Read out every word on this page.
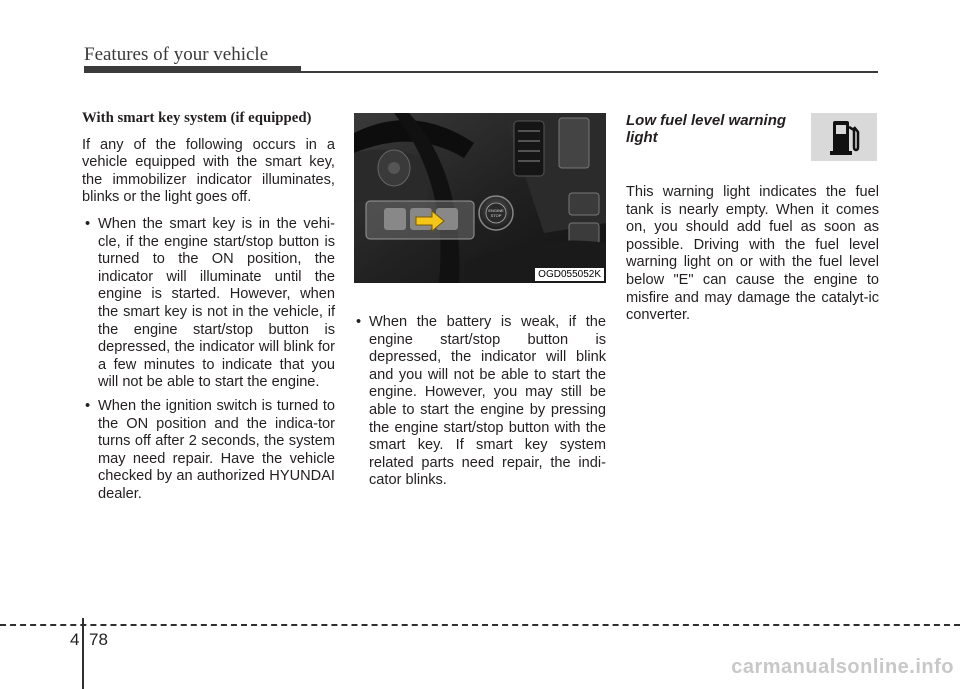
Features of your vehicle

With smart key system (if equipped)

If any of the following occurs in a vehicle equipped with the smart key, the immobilizer indicator illuminates, blinks or the light goes off.

• When the smart key is in the vehi-cle, if the engine start/stop button is turned to the ON position, the indicator will illuminate until the engine is started. However, when the smart key is not in the vehicle, if the engine start/stop button is depressed, the indicator will blink for a few minutes to indicate that you will not be able to start the engine.
• When the ignition switch is turned to the ON position and the indica-tor turns off after 2 seconds, the system may need repair. Have the vehicle checked by an authorized HYUNDAI dealer.
ENGINE
STOP
OGD055052K
• When the battery is weak, if the engine start/stop button is depressed, the indicator will blink and you will not be able to start the engine. However, you may still be able to start the engine by pressing the engine start/stop button with the smart key. If smart key system related parts need repair, the indi-cator blinks.
Low fuel level warning light

This warning light indicates the fuel tank is nearly empty. When it comes on, you should add fuel as soon as possible. Driving with the fuel level warning light on or with the fuel level below "E" can cause the engine to misfire and may damage the catalyt-ic converter.

4 78
carmanualsonline.info
